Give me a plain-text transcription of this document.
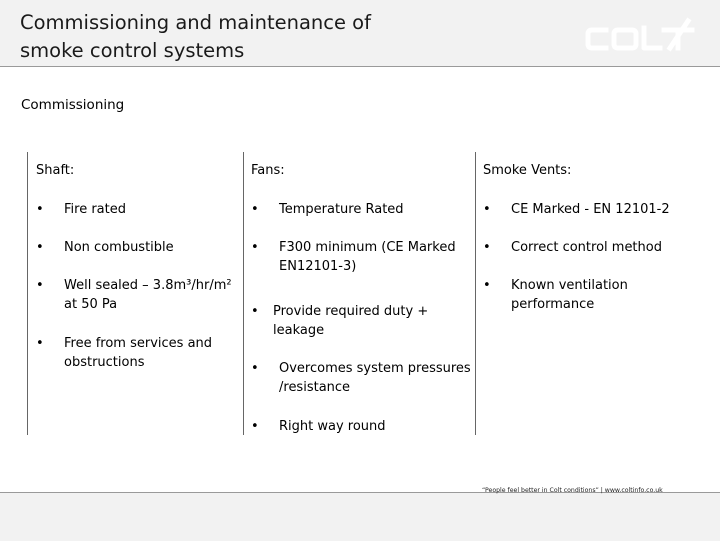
Commissioning and maintenance of
smoke control systems
COLT
Commissioning
Shaft:
• Fire rated
• Non combustible
• Well sealed – 3.8m³/hr/m²
at 50 Pa
• Free from services and
obstructions
Fans:
• Temperature Rated
• F300 minimum (CE Marked
EN12101-3)
• Provide required duty +
leakage
• Overcomes system pressures
/resistance
• Right way round
Smoke Vents:
• CE Marked - EN 12101-2
• Correct control method
• Known ventilation
performance
“People feel better in Colt conditions” | www.coltinfo.co.uk
